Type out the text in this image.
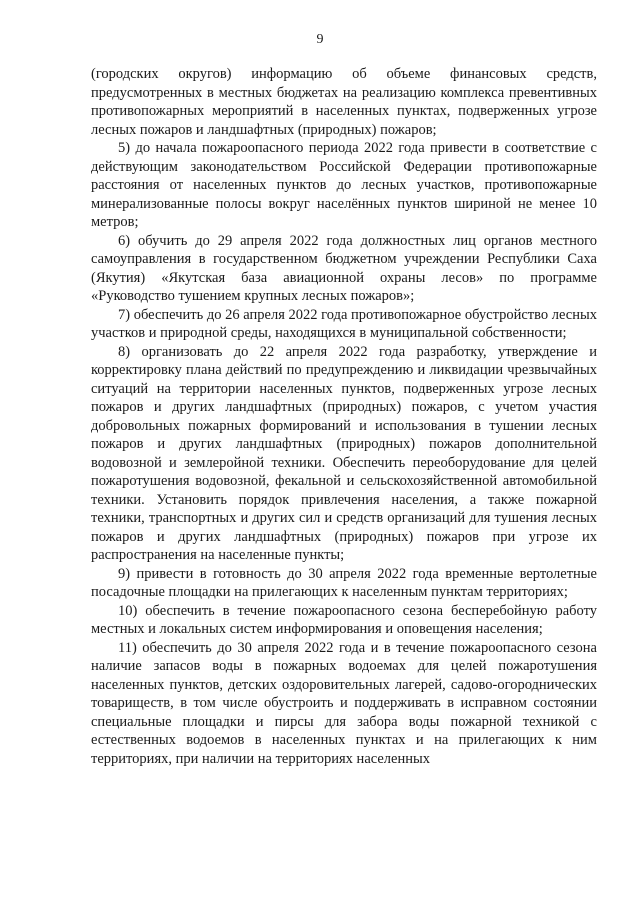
9

(городских округов) информацию об объеме финансовых средств, предусмотренных в местных бюджетах на реализацию комплекса превентивных противопожарных мероприятий в населенных пунктах, подверженных угрозе лесных пожаров и ландшафтных (природных) пожаров;

5) до начала пожароопасного периода 2022 года привести в соответствие с действующим законодательством Российской Федерации противопожарные расстояния от населенных пунктов до лесных участков, противопожарные минерализованные полосы вокруг населённых пунктов шириной не менее 10 метров;

6) обучить до 29 апреля 2022 года должностных лиц органов местного самоуправления в государственном бюджетном учреждении Республики Саха (Якутия) «Якутская база авиационной охраны лесов» по программе «Руководство тушением крупных лесных пожаров»;

7) обеспечить до 26 апреля 2022 года противопожарное обустройство лесных участков и природной среды, находящихся в муниципальной собственности;

8) организовать до 22 апреля 2022 года разработку, утверждение и корректировку плана действий по предупреждению и ликвидации чрезвычайных ситуаций на территории населенных пунктов, подверженных угрозе лесных пожаров и других ландшафтных (природных) пожаров, с учетом участия добровольных пожарных формирований и использования в тушении лесных пожаров и других ландшафтных (природных) пожаров дополнительной водовозной и землеройной техники. Обеспечить переоборудование для целей пожаротушения водовозной, фекальной и сельскохозяйственной автомобильной техники. Установить порядок привлечения населения, а также пожарной техники, транспортных и других сил и средств организаций для тушения лесных пожаров и других ландшафтных (природных) пожаров при угрозе их распространения на населенные пункты;

9) привести в готовность до 30 апреля 2022 года временные вертолетные посадочные площадки на прилегающих к населенным пунктам территориях;

10) обеспечить в течение пожароопасного сезона бесперебойную работу местных и локальных систем информирования и оповещения населения;

11) обеспечить до 30 апреля 2022 года и в течение пожароопасного сезона наличие запасов воды в пожарных водоемах для целей пожаротушения населенных пунктов, детских оздоровительных лагерей, садово-огороднических товариществ, в том числе обустроить и поддерживать в исправном состоянии специальные площадки и пирсы для забора воды пожарной техникой с естественных водоемов в населенных пунктах и на прилегающих к ним территориях, при наличии на территориях населенных
